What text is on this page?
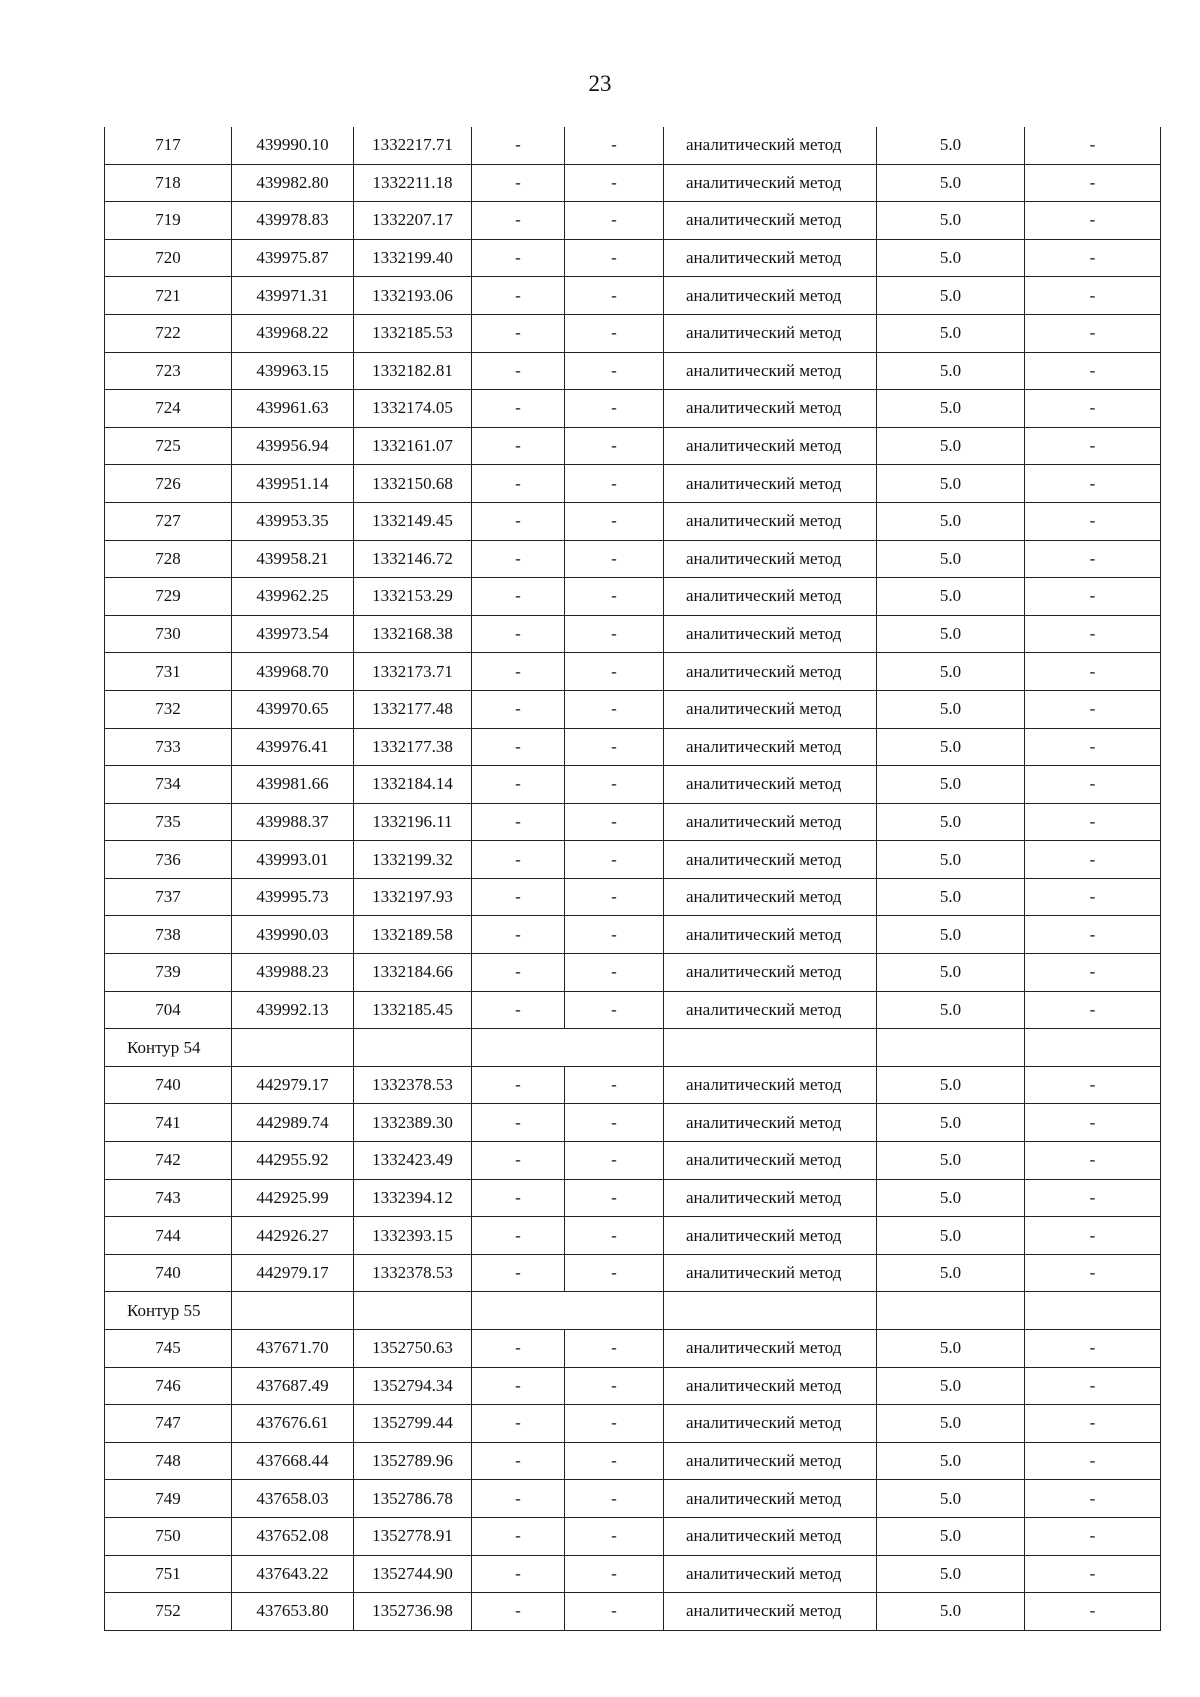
23
717	439990.10	1332217.71	-	-	аналитический метод	5.0	-
718	439982.80	1332211.18	-	-	аналитический метод	5.0	-
719	439978.83	1332207.17	-	-	аналитический метод	5.0	-
720	439975.87	1332199.40	-	-	аналитический метод	5.0	-
721	439971.31	1332193.06	-	-	аналитический метод	5.0	-
722	439968.22	1332185.53	-	-	аналитический метод	5.0	-
723	439963.15	1332182.81	-	-	аналитический метод	5.0	-
724	439961.63	1332174.05	-	-	аналитический метод	5.0	-
725	439956.94	1332161.07	-	-	аналитический метод	5.0	-
726	439951.14	1332150.68	-	-	аналитический метод	5.0	-
727	439953.35	1332149.45	-	-	аналитический метод	5.0	-
728	439958.21	1332146.72	-	-	аналитический метод	5.0	-
729	439962.25	1332153.29	-	-	аналитический метод	5.0	-
730	439973.54	1332168.38	-	-	аналитический метод	5.0	-
731	439968.70	1332173.71	-	-	аналитический метод	5.0	-
732	439970.65	1332177.48	-	-	аналитический метод	5.0	-
733	439976.41	1332177.38	-	-	аналитический метод	5.0	-
734	439981.66	1332184.14	-	-	аналитический метод	5.0	-
735	439988.37	1332196.11	-	-	аналитический метод	5.0	-
736	439993.01	1332199.32	-	-	аналитический метод	5.0	-
737	439995.73	1332197.93	-	-	аналитический метод	5.0	-
738	439990.03	1332189.58	-	-	аналитический метод	5.0	-
739	439988.23	1332184.66	-	-	аналитический метод	5.0	-
704	439992.13	1332185.45	-	-	аналитический метод	5.0	-
Контур 54							
740	442979.17	1332378.53	-	-	аналитический метод	5.0	-
741	442989.74	1332389.30	-	-	аналитический метод	5.0	-
742	442955.92	1332423.49	-	-	аналитический метод	5.0	-
743	442925.99	1332394.12	-	-	аналитический метод	5.0	-
744	442926.27	1332393.15	-	-	аналитический метод	5.0	-
740	442979.17	1332378.53	-	-	аналитический метод	5.0	-
Контур 55							
745	437671.70	1352750.63	-	-	аналитический метод	5.0	-
746	437687.49	1352794.34	-	-	аналитический метод	5.0	-
747	437676.61	1352799.44	-	-	аналитический метод	5.0	-
748	437668.44	1352789.96	-	-	аналитический метод	5.0	-
749	437658.03	1352786.78	-	-	аналитический метод	5.0	-
750	437652.08	1352778.91	-	-	аналитический метод	5.0	-
751	437643.22	1352744.90	-	-	аналитический метод	5.0	-
752	437653.80	1352736.98	-	-	аналитический метод	5.0	-
